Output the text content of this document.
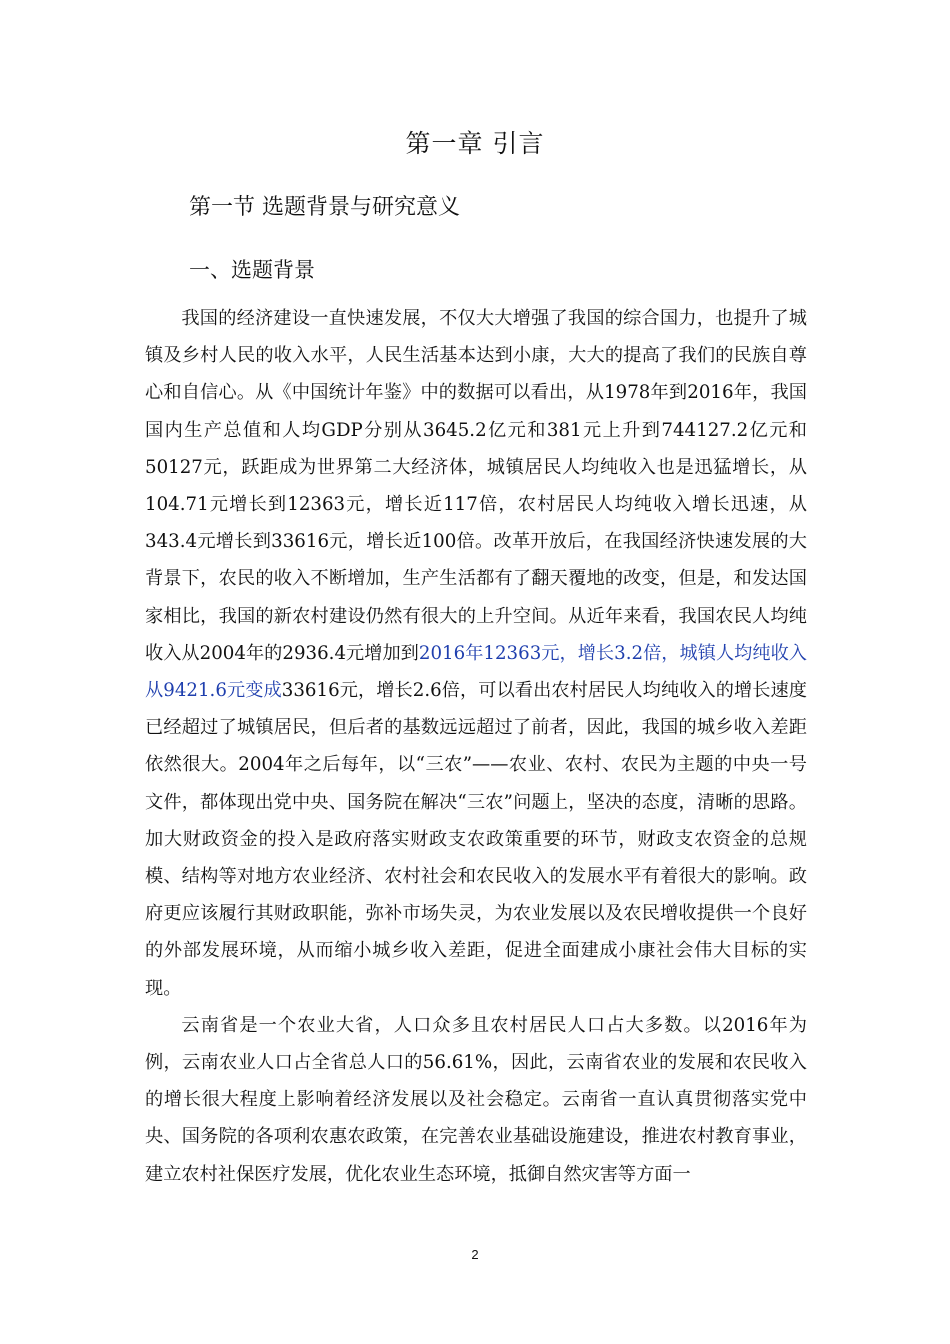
第一章 引言
第一节 选题背景与研究意义
一、选题背景

我国的经济建设一直快速发展，不仅大大增强了我国的综合国力，也提升了城镇及乡村人民的收入水平，人民生活基本达到小康，大大的提高了我们的民族自尊心和自信心。从《中国统计年鉴》中的数据可以看出，从1978年到2016年，我国国内生产总值和人均GDP分别从3645.2亿元和381元上升到744127.2亿元和50127元，跃距成为世界第二大经济体，城镇居民人均纯收入也是迅猛增长，从104.71元增长到12363元，增长近117倍，农村居民人均纯收入增长迅速，从343.4元增长到33616元，增长近100倍。改革开放后，在我国经济快速发展的大背景下，农民的收入不断增加，生产生活都有了翻天覆地的改变，但是，和发达国家相比，我国的新农村建设仍然有很大的上升空间。从近年来看，我国农民人均纯收入从2004年的2936.4元增加到2016年12363元，增长3.2倍，城镇人均纯收入从9421.6元变成33616元，增长2.6倍，可以看出农村居民人均纯收入的增长速度已经超过了城镇居民，但后者的基数远远超过了前者，因此，我国的城乡收入差距依然很大。2004年之后每年，以“三农”——农业、农村、农民为主题的中央一号文件，都体现出党中央、国务院在解决“三农”问题上，坚决的态度，清晰的思路。加大财政资金的投入是政府落实财政支农政策重要的环节，财政支农资金的总规模、结构等对地方农业经济、农村社会和农民收入的发展水平有着很大的影响。政府更应该履行其财政职能，弥补市场失灵，为农业发展以及农民增收提供一个良好的外部发展环境，从而缩小城乡收入差距，促进全面建成小康社会伟大目标的实现。

云南省是一个农业大省，人口众多且农村居民人口占大多数。以2016年为例，云南农业人口占全省总人口的56.61%，因此，云南省农业的发展和农民收入的增长很大程度上影响着经济发展以及社会稳定。云南省一直认真贯彻落实党中央、国务院的各项利农惠农政策，在完善农业基础设施建设，推进农村教育事业，建立农村社保医疗发展，优化农业生态环境，抵御自然灾害等方面一

2
